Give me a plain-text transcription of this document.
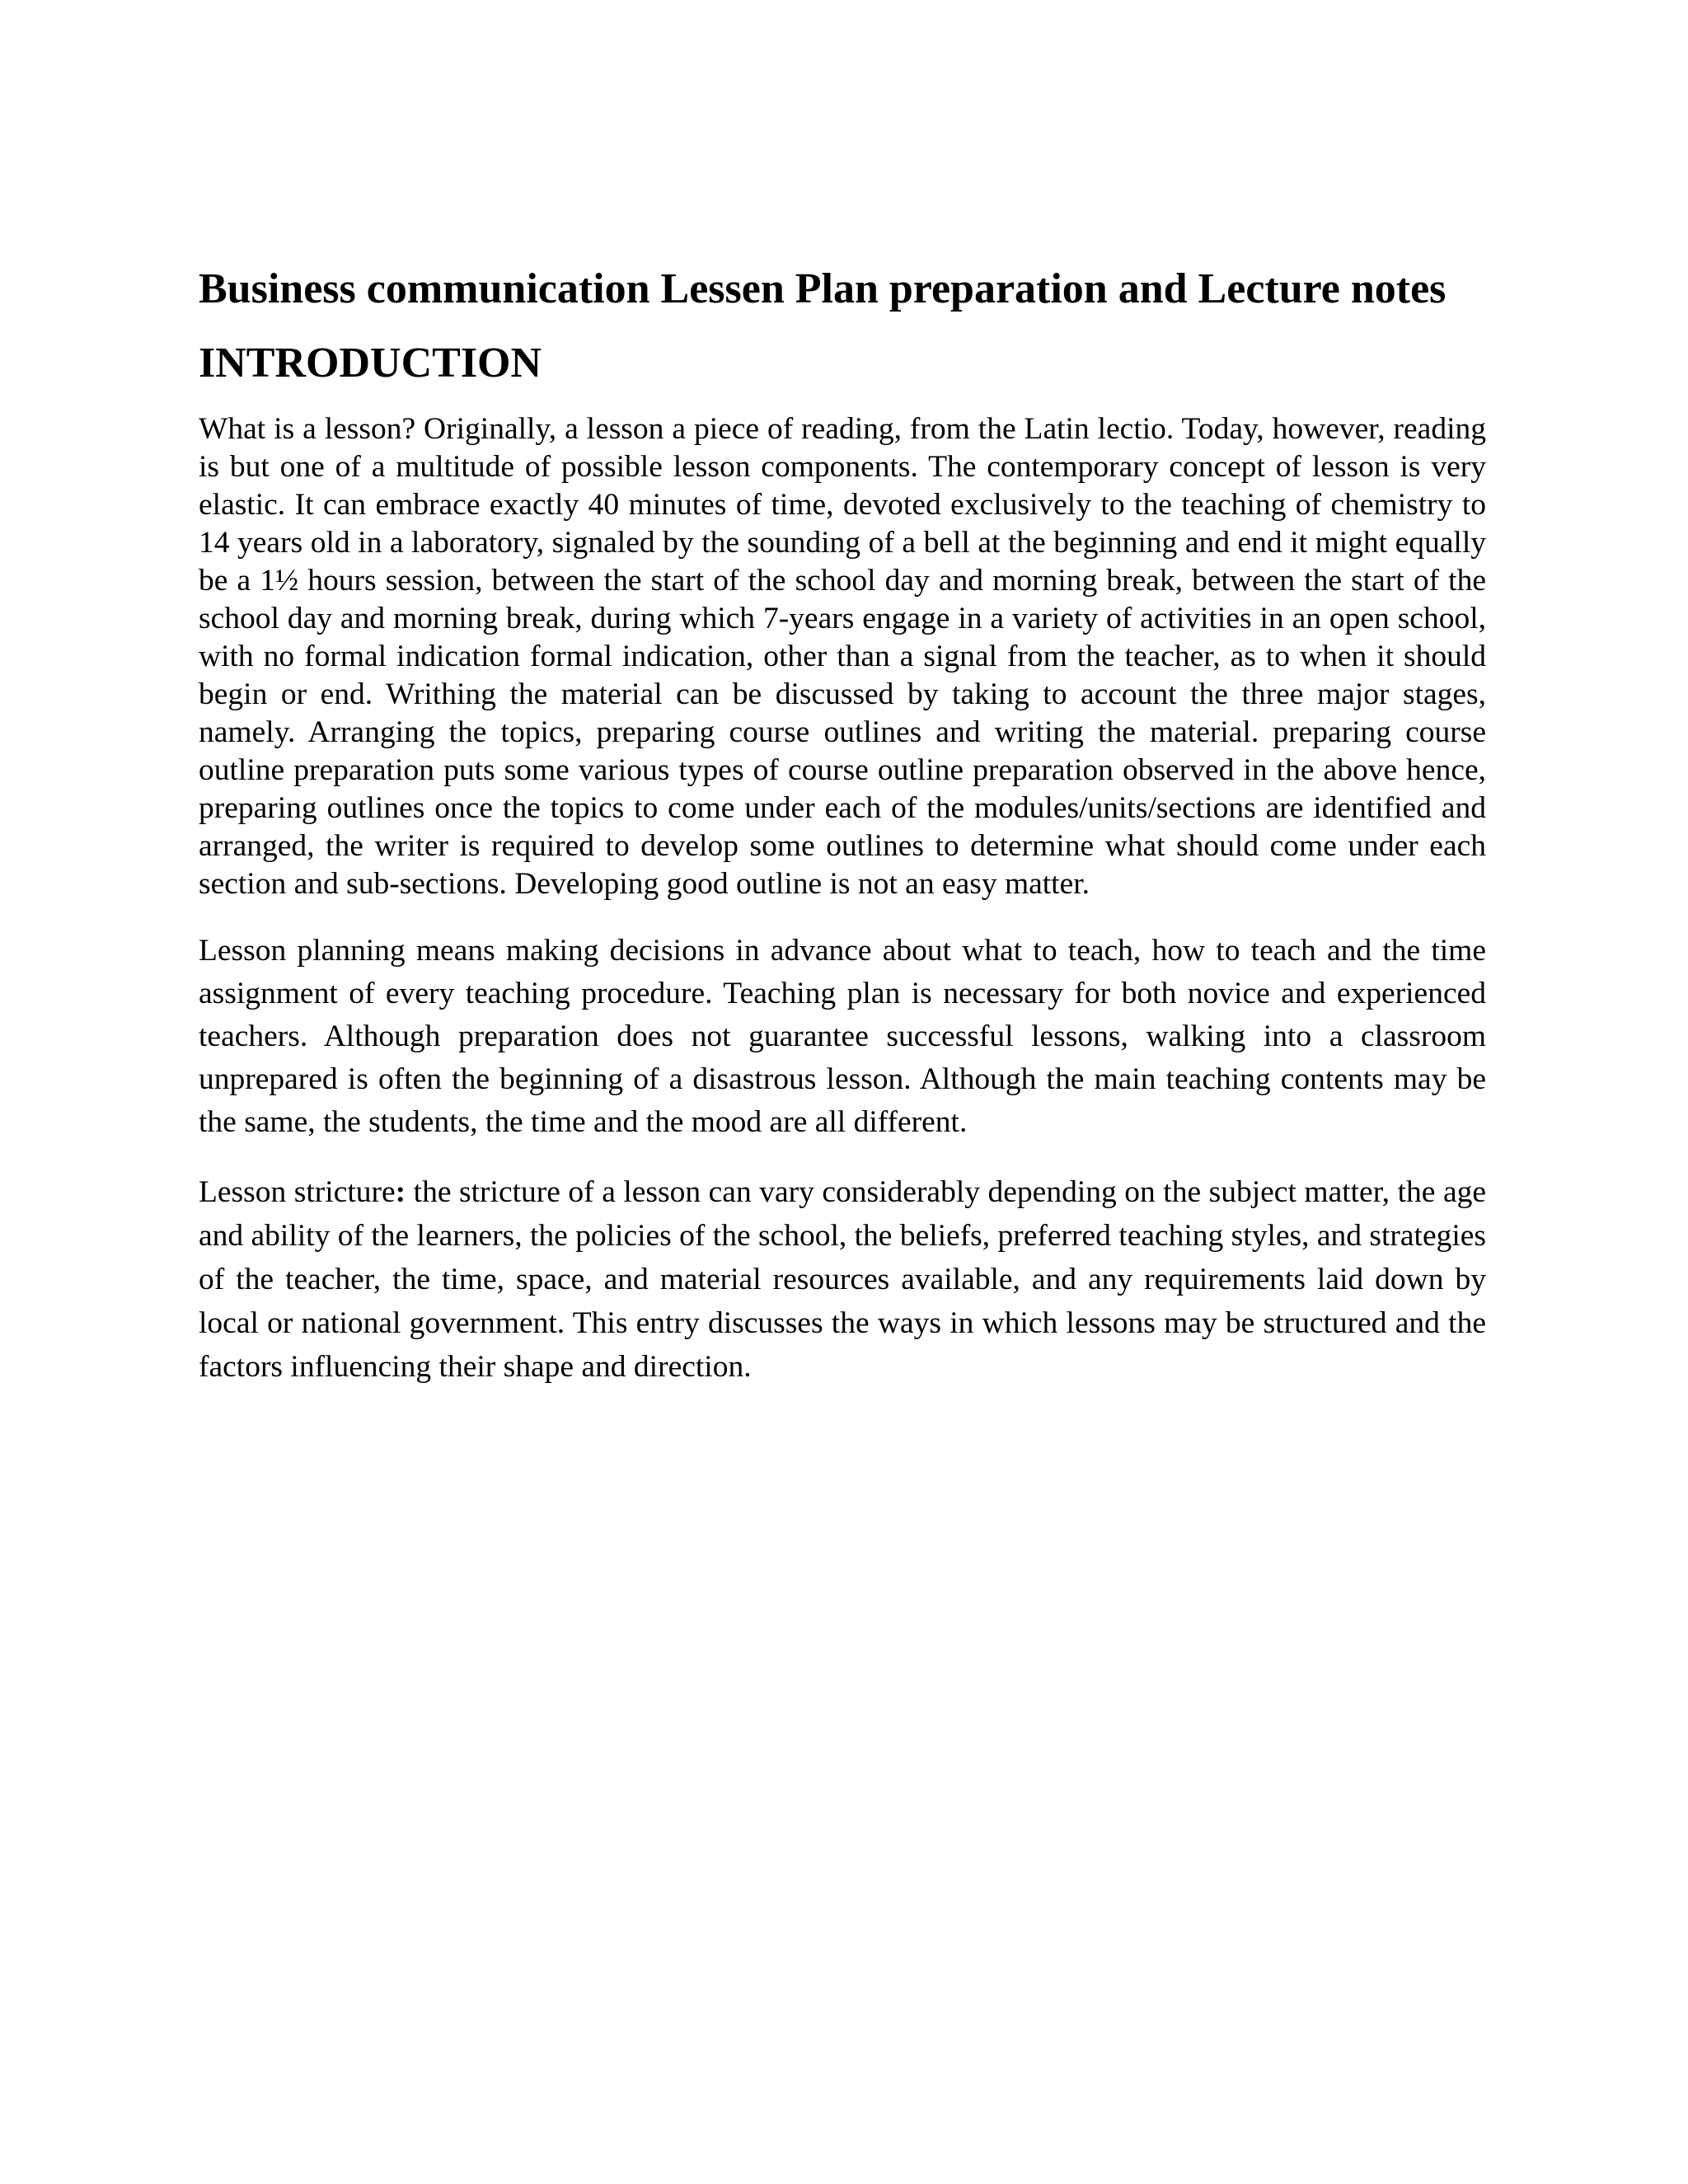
Business communication Lessen Plan preparation and Lecture notes
INTRODUCTION

What is a lesson? Originally, a lesson a piece of reading, from the Latin lectio. Today, however, reading is but one of a multitude of possible lesson components. The contemporary concept of lesson is very elastic. It can embrace exactly 40 minutes of time, devoted exclusively to the teaching of chemistry to 14 years old in a laboratory, signaled by the sounding of a bell at the beginning and end it might equally be a 1½ hours session, between the start of the school day and morning break, between the start of the school day and morning break, during which 7-years engage in a variety of activities in an open school, with no formal indication formal indication, other than a signal from the teacher, as to when it should begin or end. Writhing the material can be discussed by taking to account the three major stages, namely. Arranging the topics, preparing course outlines and writing the material. preparing course outline preparation puts some various types of course outline preparation observed in the above hence, preparing outlines once the topics to come under each of the modules/units/sections are identified and arranged, the writer is required to develop some outlines to determine what should come under each section and sub-sections. Developing good outline is not an easy matter.

Lesson planning means making decisions in advance about what to teach, how to teach and the time assignment of every teaching procedure. Teaching plan is necessary for both novice and experienced teachers. Although preparation does not guarantee successful lessons, walking into a classroom unprepared is often the beginning of a disastrous lesson. Although the main teaching contents may be the same, the students, the time and the mood are all different.

Lesson stricture: the stricture of a lesson can vary considerably depending on the subject matter, the age and ability of the learners, the policies of the school, the beliefs, preferred teaching styles, and strategies of the teacher, the time, space, and material resources available, and any requirements laid down by local or national government. This entry discusses the ways in which lessons may be structured and the factors influencing their shape and direction.
